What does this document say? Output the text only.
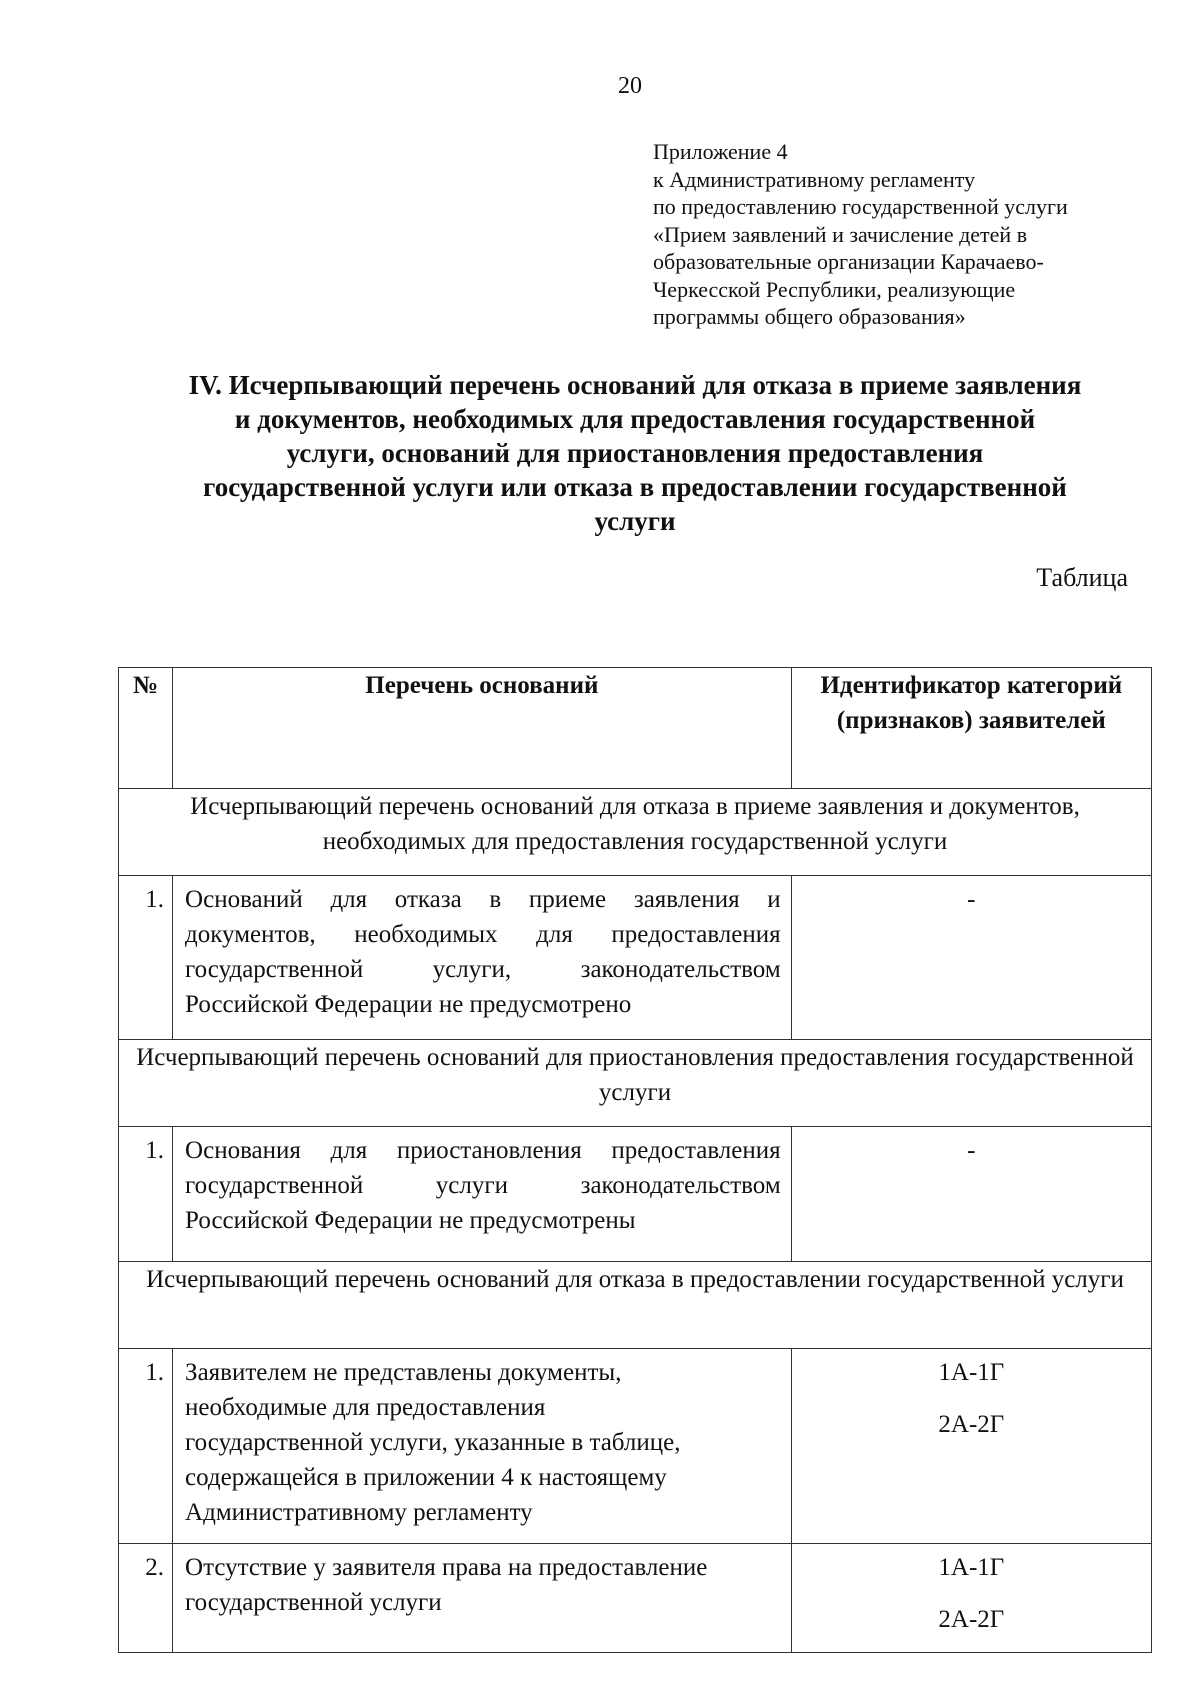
20
Приложение 4
к Административному регламенту
по предоставлению государственной услуги
«Прием заявлений и зачисление детей в
образовательные организации Карачаево-
Черкесской Республики, реализующие
программы общего образования»
IV. Исчерпывающий перечень оснований для отказа в приеме заявления
и документов, необходимых для предоставления государственной
услуги, оснований для приостановления предоставления
государственной услуги или отказа в предоставлении государственной
услуги
Таблица
№	Перечень оснований	Идентификатор категорий (признаков) заявителей
Исчерпывающий перечень оснований для отказа в приеме заявления и документов, необходимых для предоставления государственной услуги		
1.	Оснований для отказа в приеме заявления и
документов, необходимых для предоставления
государственной услуги, законодательством
Российской Федерации не предусмотрено	-

Исчерпывающий перечень оснований для приостановления предоставления государственной услуги		
1.	Основания для приостановления предоставления
государственной услуги законодательством
Российской Федерации не предусмотрены	-

Исчерпывающий перечень оснований для отказа в предоставлении государственной услуги		
1.	Заявителем не представлены документы,
необходимые для предоставления
государственной услуги, указанные в таблице,
содержащейся в приложении 4 к настоящему
Административному регламенту	1А-1Г
2А-2Г

2.	Отсутствие у заявителя права на предоставление
государственной услуги	1А-1Г
2А-2Г
